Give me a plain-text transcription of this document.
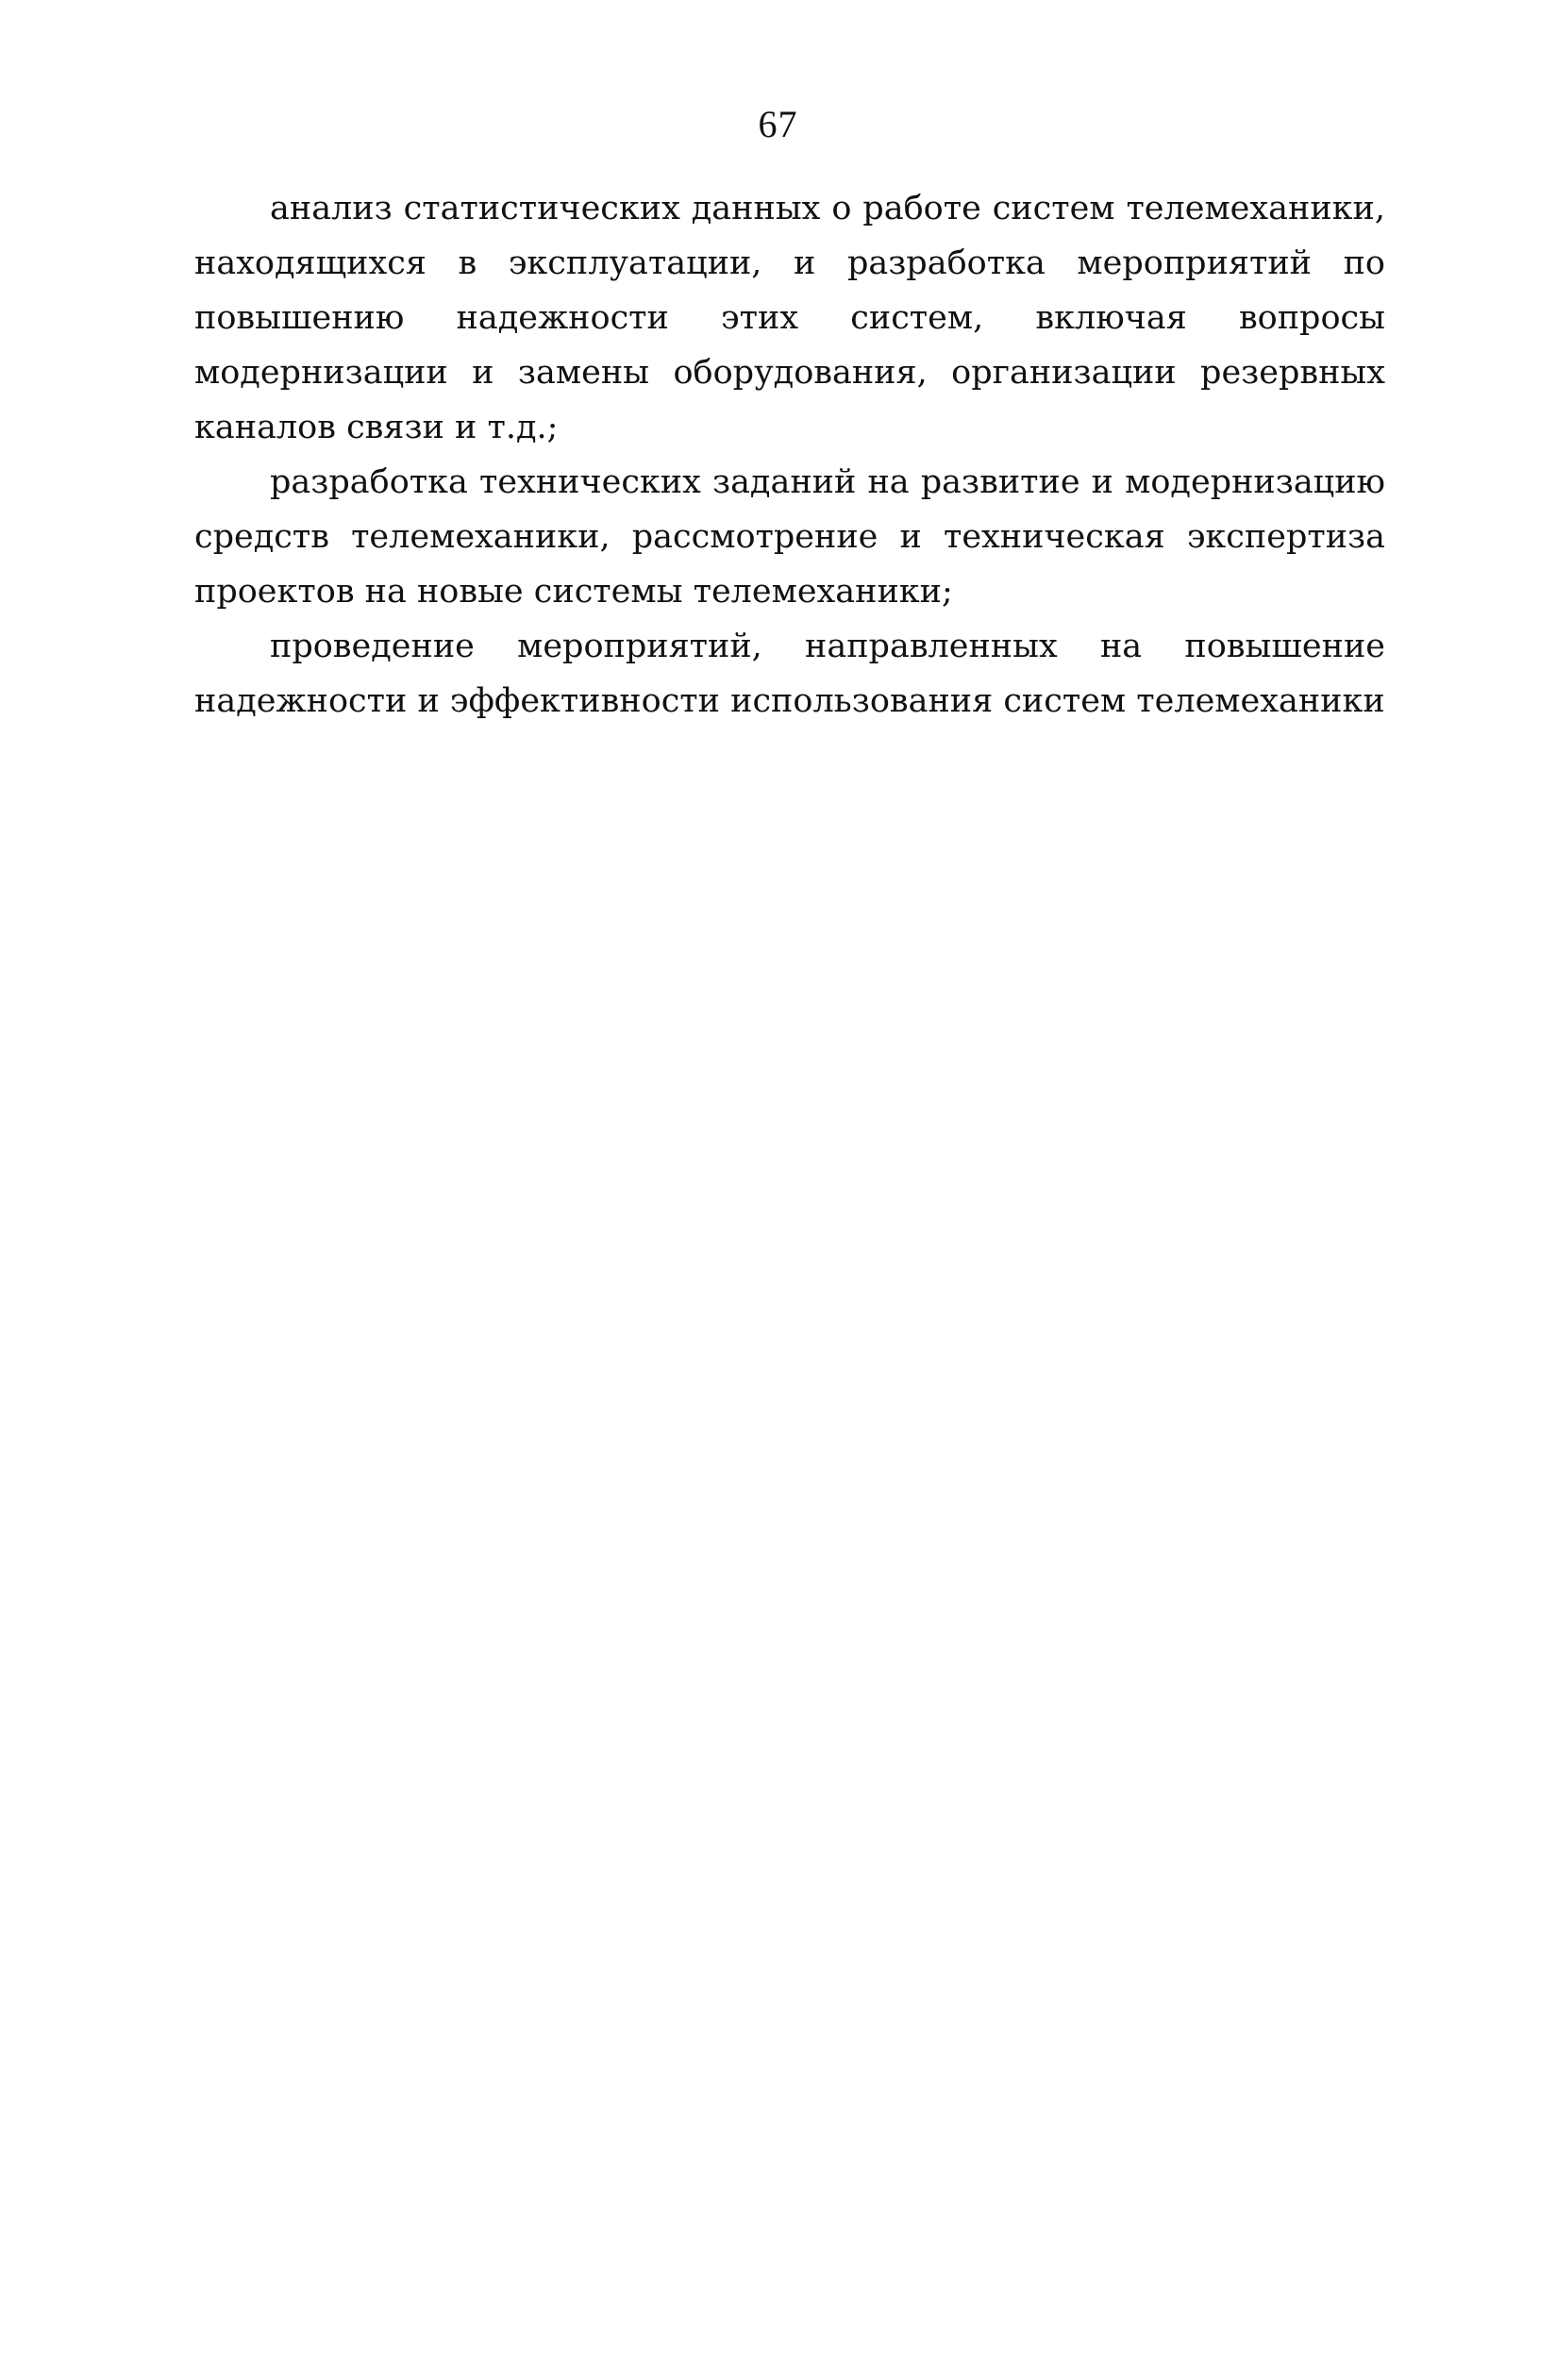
67

анализ статистических данных о работе систем телемеханики, находящихся в эксплуатации, и разработка мероприятий по повышению надежности этих систем, включая вопросы модернизации и замены оборудования, организации резервных каналов связи и т.д.;

разработка технических заданий на развитие и модернизацию средств телемеханики, рассмотрение и техническая экспертиза проектов на новые системы телемеханики;

проведение мероприятий, направленных на повышение надежности и эффективности использования систем телемеханики
